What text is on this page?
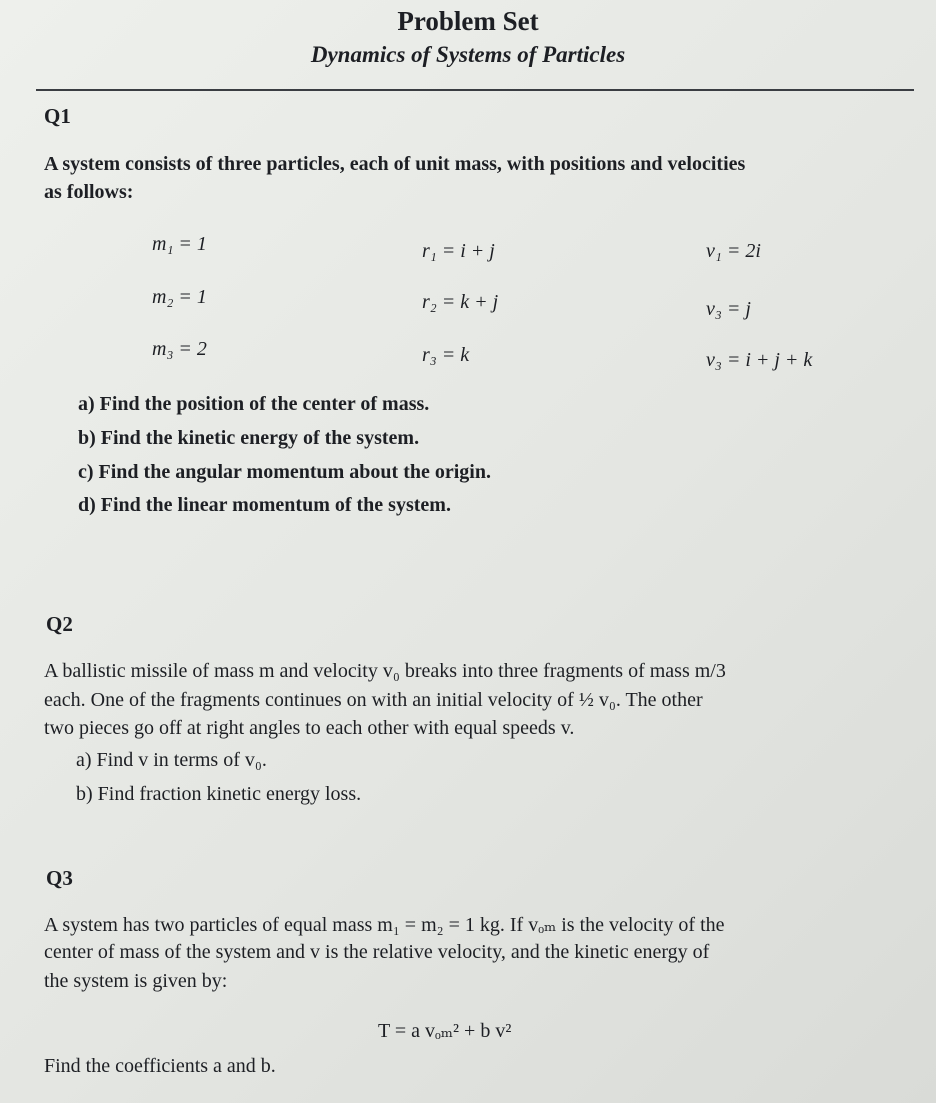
Problem Set
Dynamics of Systems of Particles
Q1
A system consists of three particles, each of unit mass, with positions and velocities
as follows:
m₁ = 1	r₁ = i + j	v₁ = 2i
m₂ = 1	r₂ = k + j	v₃ = j
m₃ = 2	r₃ = k	v₃ = i + j + k
a) Find the position of the center of mass.
b) Find the kinetic energy of the system.
c) Find the angular momentum about the origin.
d) Find the linear momentum of the system.
Q2
A ballistic missile of mass m and velocity v₀ breaks into three fragments of mass m/3
each. One of the fragments continues on with an initial velocity of ½ v₀. The other
two pieces go off at right angles to each other with equal speeds v.
a) Find v in terms of v₀.
b) Find fraction kinetic energy loss.
Q3
A system has two particles of equal mass m₁ = m₂ = 1 kg. If vₒₘ is the velocity of the
center of mass of the system and v is the relative velocity, and the kinetic energy of
the system is given by:
T = a vₒₘ² + b v²
Find the coefficients a and b.
